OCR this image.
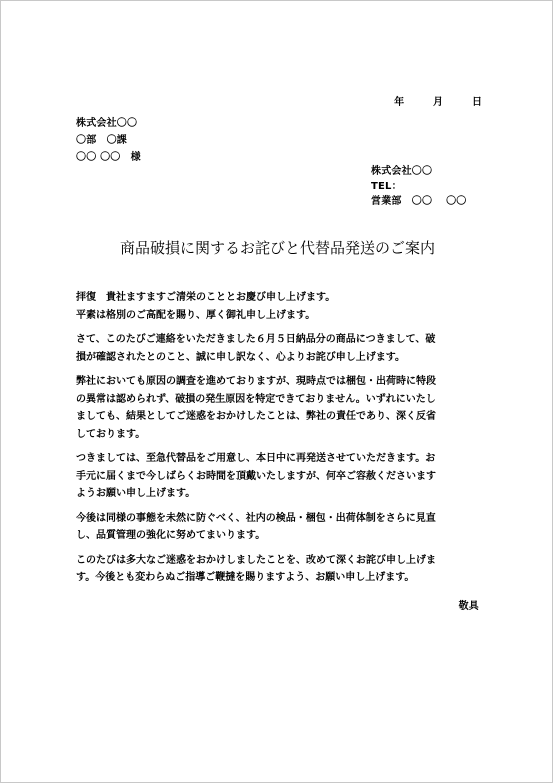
年	月	日
株式会社〇〇
〇部　〇課
〇〇 〇〇　様
株式会社〇〇
TEL：
営業部　〇〇　 〇〇
商品破損に関するお詫びと代替品発送のご案内
拝復　貴社ますますご清栄のこととお慶び申し上げます。
平素は格別のご高配を賜り、厚く御礼申し上げます。
さて、このたびご連絡をいただきました６月５日納品分の商品につきまして、破
損が確認されたとのこと、誠に申し訳なく、心よりお詫び申し上げます。
弊社においても原因の調査を進めておりますが、現時点では梱包・出荷時に特段
の異常は認められず、破損の発生原因を特定できておりません。いずれにいたし
ましても、結果としてご迷惑をおかけしたことは、弊社の責任であり、深く反省
しております。
つきましては、至急代替品をご用意し、本日中に再発送させていただきます。お
手元に届くまで今しばらくお時間を頂戴いたしますが、何卒ご容赦くださいます
ようお願い申し上げます。
今後は同様の事態を未然に防ぐべく、社内の検品・梱包・出荷体制をさらに見直
し、品質管理の強化に努めてまいります。
このたびは多大なご迷惑をおかけしましたことを、改めて深くお詫び申し上げま
す。今後とも変わらぬご指導ご鞭撻を賜りますよう、お願い申し上げます。
敬具
